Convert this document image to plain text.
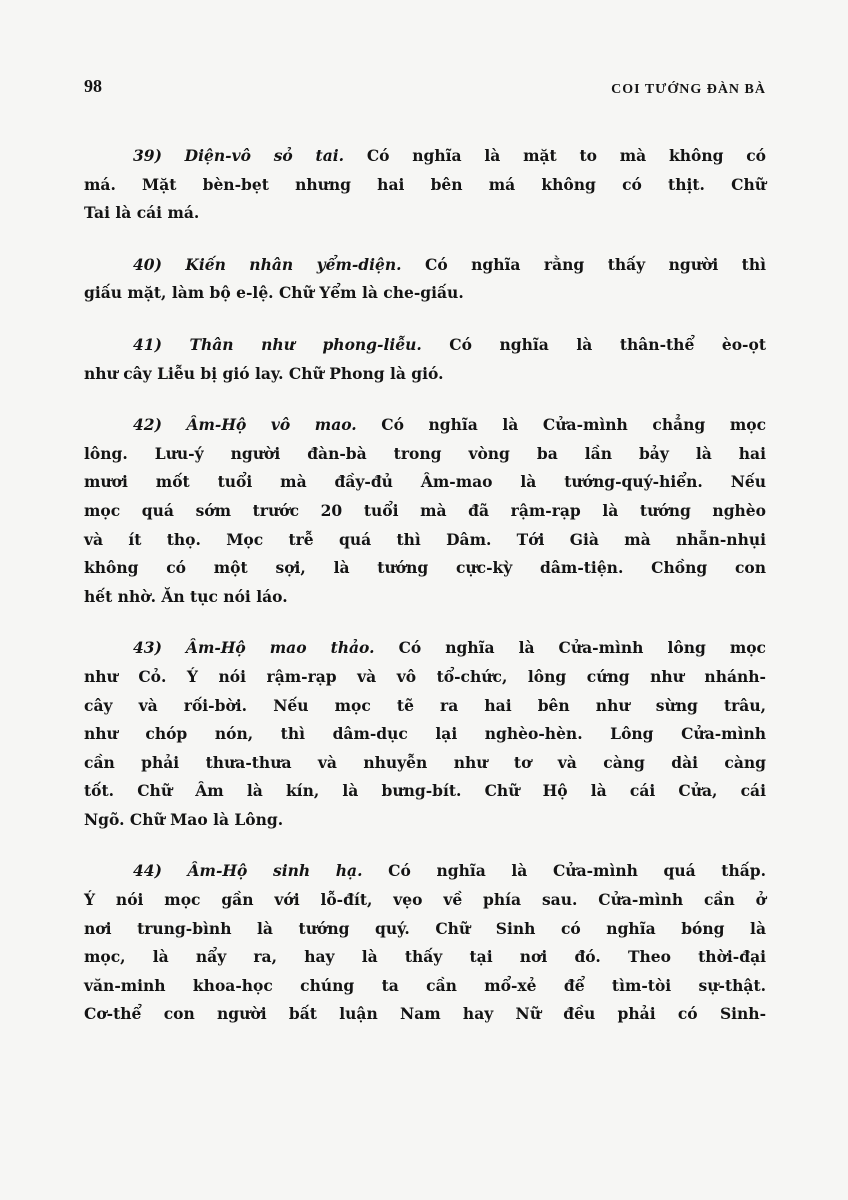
98	COI TƯỚNG ĐÀN BÀ
39) Diện-vô sỏ tai. Có nghĩa là mặt to mà không có
má. Mặt bèn-bẹt nhưng hai bên má không có thịt. Chữ
Tai là cái má.
40) Kiến nhân yểm-diện. Có nghĩa rằng thấy người thì
giấu mặt, làm bộ e-lệ. Chữ Yểm là che-giấu.
41) Thân như phong-liễu. Có nghĩa là thân-thể èo-ọt
như cây Liễu bị gió lay. Chữ Phong là gió.
42) Âm-Hộ vô mao. Có nghĩa là Cửa-mình chẳng mọc
lông. Lưu-ý người đàn-bà trong vòng ba lần bảy là hai
mươi mốt tuổi mà đầy-đủ Âm-mao là tướng-quý-hiển. Nếu
mọc quá sớm trước 20 tuổi mà đã rậm-rạp là tướng nghèo
và ít thọ. Mọc trễ quá thì Dâm. Tới Già mà nhẵn-nhụi
không có một sợi, là tướng cực-kỳ dâm-tiện. Chồng con
hết nhờ. Ăn tục nói láo.
43) Âm-Hộ mao thảo. Có nghĩa là Cửa-mình lông mọc
như Cỏ. Ý nói rậm-rạp và vô tổ-chức, lông cứng như nhánh-
cây và rối-bời. Nếu mọc tẽ ra hai bên như sừng trâu,
như chóp nón, thì dâm-dục lại nghèo-hèn. Lông Cửa-mình
cần phải thưa-thưa và nhuyễn như tơ và càng dài càng
tốt. Chữ Âm là kín, là bưng-bít. Chữ Hộ là cái Cửa, cái
Ngõ. Chữ Mao là Lông.
44) Âm-Hộ sinh hạ. Có nghĩa là Cửa-mình quá thấp.
Ý nói mọc gần với lỗ-đít, vẹo về phía sau. Cửa-mình cần ở
nơi trung-bình là tướng quý. Chữ Sinh có nghĩa bóng là
mọc, là nẩy ra, hay là thấy tại nơi đó. Theo thời-đại
văn-minh khoa-học chúng ta cần mổ-xẻ để tìm-tòi sự-thật.
Cơ-thể con người bất luận Nam hay Nữ đều phải có Sinh-
